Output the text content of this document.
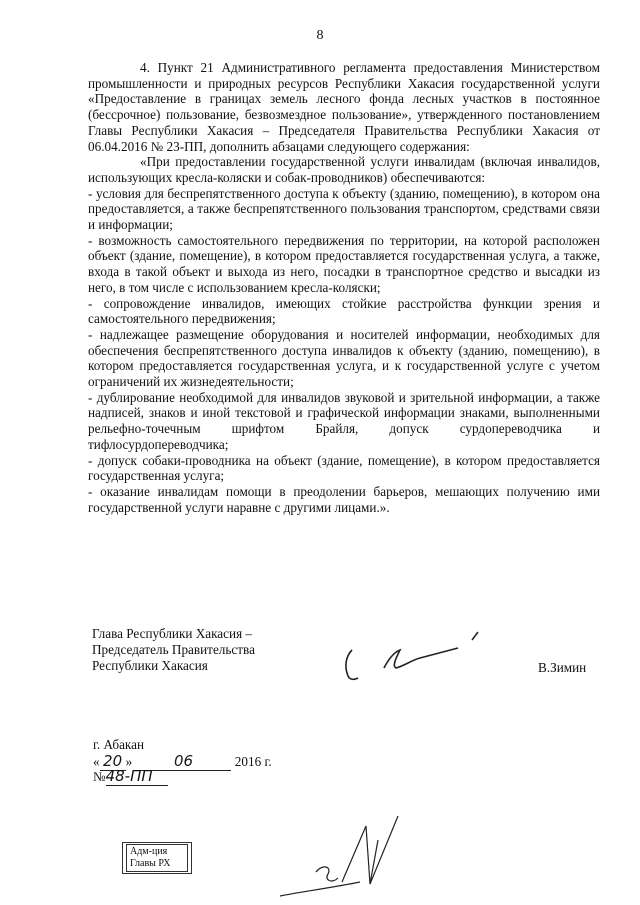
8

4. Пункт 21 Административного регламента предоставления Министерством промышленности и природных ресурсов Республики Хакасия государственной услуги «Предоставление в границах земель лесного фонда лесных участков в постоянное (бессрочное) пользование, безвозмездное пользование», утвержденного постановлением Главы Республики Хакасия – Председателя Правительства Республики Хакасия от 06.04.2016 № 23-ПП, дополнить абзацами следующего содержания:

«При предоставлении государственной услуги инвалидам (включая инвалидов, использующих кресла-коляски и собак-проводников) обеспечиваются:

- условия для беспрепятственного доступа к объекту (зданию, помещению), в котором она предоставляется, а также беспрепятственного пользования транспортом, средствами связи и информации;

- возможность самостоятельного передвижения по территории, на которой расположен объект (здание, помещение), в котором предоставляется государственная услуга, а также, входа в такой объект и выхода из него, посадки в транспортное средство и высадки из него, в том числе с использованием кресла-коляски;

- сопровождение инвалидов, имеющих стойкие расстройства функции зрения и самостоятельного передвижения;

- надлежащее размещение оборудования и носителей информации, необходимых для обеспечения беспрепятственного доступа инвалидов к объекту (зданию, помещению), в котором предоставляется государственная услуга, и к государственной услуге с учетом ограничений их жизнедеятельности;

- дублирование необходимой для инвалидов звуковой и зрительной информации, а также надписей, знаков и иной текстовой и графической информации знаками, выполненными рельефно-точечным шрифтом Брайля, допуск сурдопереводчика и тифлосурдопереводчика;

- допуск собаки-проводника на объект (здание, помещение), в котором предоставляется государственная услуга;

- оказание инвалидам помощи в преодолении барьеров, мешающих получению ими государственной услуги наравне с другими лицами.».

Глава Республики Хакасия –
Председатель Правительства
Республики Хакасия	В.Зимин
г. Абакан
« 20 »	06	2016 г.
№48-ПП
Адм-ция
Главы РХ
